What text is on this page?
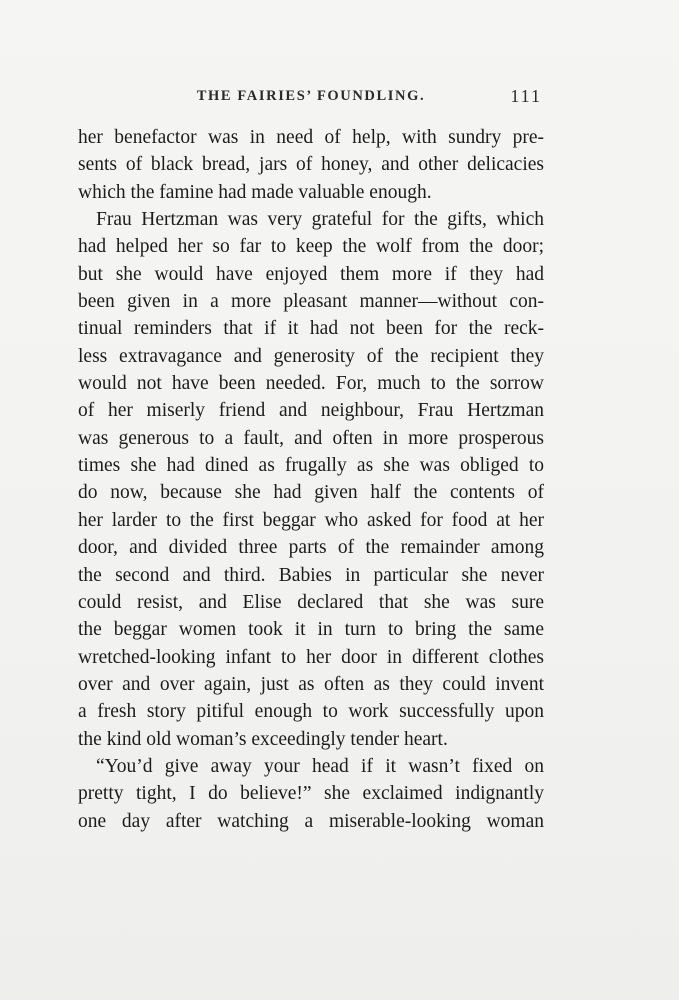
THE FAIRIES’ FOUNDLING.	111
her benefactor was in need of help, with sundry pre-
sents of black bread, jars of honey, and other delicacies
which the famine had made valuable enough.
Frau Hertzman was very grateful for the gifts, which
had helped her so far to keep the wolf from the door;
but she would have enjoyed them more if they had
been given in a more pleasant manner—without con-
tinual reminders that if it had not been for the reck-
less extravagance and generosity of the recipient they
would not have been needed. For, much to the sorrow
of her miserly friend and neighbour, Frau Hertzman
was generous to a fault, and often in more prosperous
times she had dined as frugally as she was obliged to
do now, because she had given half the contents of
her larder to the first beggar who asked for food at her
door, and divided three parts of the remainder among
the second and third. Babies in particular she never
could resist, and Elise declared that she was sure
the beggar women took it in turn to bring the same
wretched-looking infant to her door in different clothes
over and over again, just as often as they could invent
a fresh story pitiful enough to work successfully upon
the kind old woman’s exceedingly tender heart.
“You’d give away your head if it wasn’t fixed on
pretty tight, I do believe!” she exclaimed indignantly
one day after watching a miserable-looking woman
